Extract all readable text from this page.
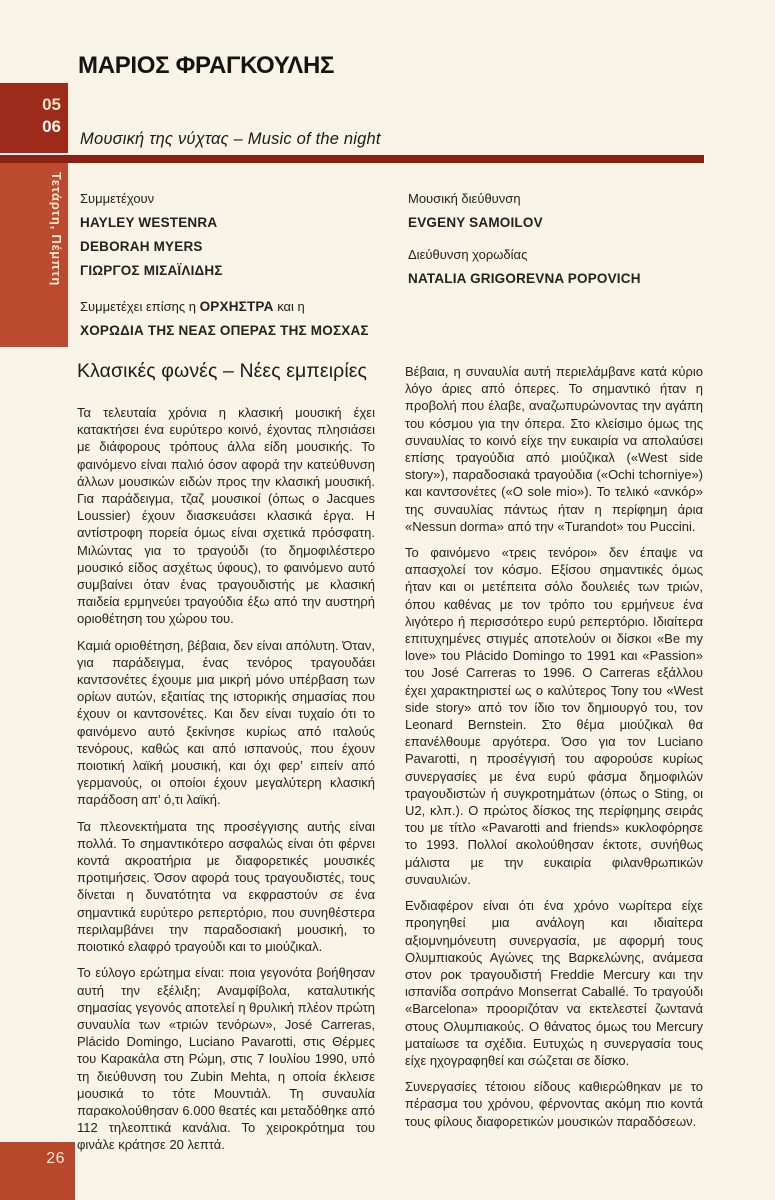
ΜΑΡΙΟΣ ΦΡΑΓΚΟΥΛΗΣ
05
06
Μουσική της νύχτας – Music of the night
Τετάρτη, Πέμπτη Συμμετέχουν
HAYLEY WESTENRA
DEBORAH MYERS
ΓΙΩΡΓΟΣ ΜΙΣΑΪΛΙΔΗΣ
Συμμετέχει επίσης η ΟΡΧΗΣΤΡΑ και η
ΧΟΡΩΔΙΑ ΤΗΣ ΝΕΑΣ ΟΠΕΡΑΣ ΤΗΣ ΜΟΣΧΑΣ
Μουσική διεύθυνση
EVGENY SAMOILOV
Διεύθυνση χορωδίας
NATALIA GRIGOREVNA POPOVICH
Κλασικές φωνές – Νέες εμπειρίες

Τα τελευταία χρόνια η κλασική μουσική έχει κατακτήσει ένα ευρύτερο κοινό, έχοντας πλησιάσει με διάφορους τρόπους άλλα είδη μουσικής. Το φαινόμενο είναι παλιό όσον αφορά την κατεύθυνση άλλων μουσικών ειδών προς την κλασική μουσική. Για παράδειγμα, τζαζ μουσικοί (όπως ο Jacques Loussier) έχουν διασκευάσει κλασικά έργα. Η αντίστροφη πορεία όμως είναι σχετικά πρόσφατη. Μιλώντας για το τραγούδι (το δημοφιλέστερο μουσικό είδος ασχέτως ύφους), το φαινόμενο αυτό συμβαίνει όταν ένας τραγουδιστής με κλασική παιδεία ερμηνεύει τραγούδια έξω από την αυστηρή οριοθέτηση του χώρου του.

Καμιά οριοθέτηση, βέβαια, δεν είναι απόλυτη. Όταν, για παράδειγμα, ένας τενόρος τραγουδάει καντσονέτες έχουμε μια μικρή μόνο υπέρβαση των ορίων αυτών, εξαιτίας της ιστορικής σημασίας που έχουν οι καντσονέτες. Και δεν είναι τυχαίο ότι το φαινόμενο αυτό ξεκίνησε κυρίως από ιταλούς τενόρους, καθώς και από ισπανούς, που έχουν ποιοτική λαϊκή μουσική, και όχι φερ’ ειπείν από γερμανούς, οι οποίοι έχουν μεγαλύτερη κλασική παράδοση απ’ ό,τι λαϊκή.

Τα πλεονεκτήματα της προσέγγισης αυτής είναι πολλά. Το σημαντικότερο ασφαλώς είναι ότι φέρνει κοντά ακροατήρια με διαφορετικές μουσικές προτιμήσεις. Όσον αφορά τους τραγουδιστές, τους δίνεται η δυνατότητα να εκφραστούν σε ένα σημαντικά ευρύτερο ρεπερτόριο, που συνηθέστερα περιλαμβάνει την παραδοσιακή μουσική, το ποιοτικό ελαφρό τραγούδι και το μιούζικαλ.

Το εύλογο ερώτημα είναι: ποια γεγονότα βοήθησαν αυτή την εξέλιξη; Αναμφίβολα, καταλυτικής σημασίας γεγονός αποτελεί η θρυλική πλέον πρώτη συναυλία των «τριών τενόρων», José Carreras, Plácido Domingo, Luciano Pavarotti, στις Θέρμες του Καρακάλα στη Ρώμη, στις 7 Ιουλίου 1990, υπό τη διεύθυνση του Zubin Mehta, η οποία έκλεισε μουσικά το τότε Μουντιάλ. Τη συναυλία παρακολούθησαν 6.000 θεατές και μεταδόθηκε από 112 τηλεοπτικά κανάλια. Το χειροκρότημα του φινάλε κράτησε 20 λεπτά.

Βέβαια, η συναυλία αυτή περιελάμβανε κατά κύριο λόγο άριες από όπερες. Το σημαντικό ήταν η προβολή που έλαβε, αναζωπυρώνοντας την αγάπη του κόσμου για την όπερα. Στο κλείσιμο όμως της συναυλίας το κοινό είχε την ευκαιρία να απολαύσει επίσης τραγούδια από μιούζικαλ («West side story»), παραδοσιακά τραγούδια («Ochi tchorniye») και καντσονέτες («O sole mio»). Το τελικό «ανκόρ» της συναυλίας πάντως ήταν η περίφημη άρια «Nessun dorma» από την «Turandot» του Puccini.

Το φαινόμενο «τρεις τενόροι» δεν έπαψε να απασχολεί τον κόσμο. Εξίσου σημαντικές όμως ήταν και οι μετέπειτα σόλο δουλειές των τριών, όπου καθένας με τον τρόπο του ερμήνευε ένα λιγότερο ή περισσότερο ευρύ ρεπερτόριο. Ιδιαίτερα επιτυχημένες στιγμές αποτελούν οι δίσκοι «Be my love» του Plácido Domingo το 1991 και «Passion» του José Carreras το 1996. Ο Carreras εξάλλου έχει χαρακτηριστεί ως ο καλύτερος Tony του «West side story» από τον ίδιο τον δημιουργό του, τον Leonard Bernstein. Στο θέμα μιούζικαλ θα επανέλθουμε αργότερα. Όσο για τον Luciano Pavarotti, η προσέγγισή του αφορούσε κυρίως συνεργασίες με ένα ευρύ φάσμα δημοφιλών τραγουδιστών ή συγκροτημάτων (όπως ο Sting, οι U2, κλπ.). Ο πρώτος δίσκος της περίφημης σειράς του με τίτλο «Pavarotti and friends» κυκλοφόρησε το 1993. Πολλοί ακολούθησαν έκτοτε, συνήθως μάλιστα με την ευκαιρία φιλανθρωπικών συναυλιών.

Ενδιαφέρον είναι ότι ένα χρόνο νωρίτερα είχε προηγηθεί μια ανάλογη και ιδιαίτερα αξιομνημόνευτη συνεργασία, με αφορμή τους Ολυμπιακούς Αγώνες της Βαρκελώνης, ανάμεσα στον ροκ τραγουδιστή Freddie Mercury και την ισπανίδα σοπράνο Monserrat Caballé. Το τραγούδι «Barcelona» προοριζόταν να εκτελεστεί ζωντανά στους Ολυμπιακούς. Ο θάνατος όμως του Mercury ματαίωσε τα σχέδια. Ευτυχώς η συνεργασία τους είχε ηχογραφηθεί και σώζεται σε δίσκο.

Συνεργασίες τέτοιου είδους καθιερώθηκαν με το πέρασμα του χρόνου, φέρνοντας ακόμη πιο κοντά τους φίλους διαφορετικών μουσικών παραδόσεων.

26
